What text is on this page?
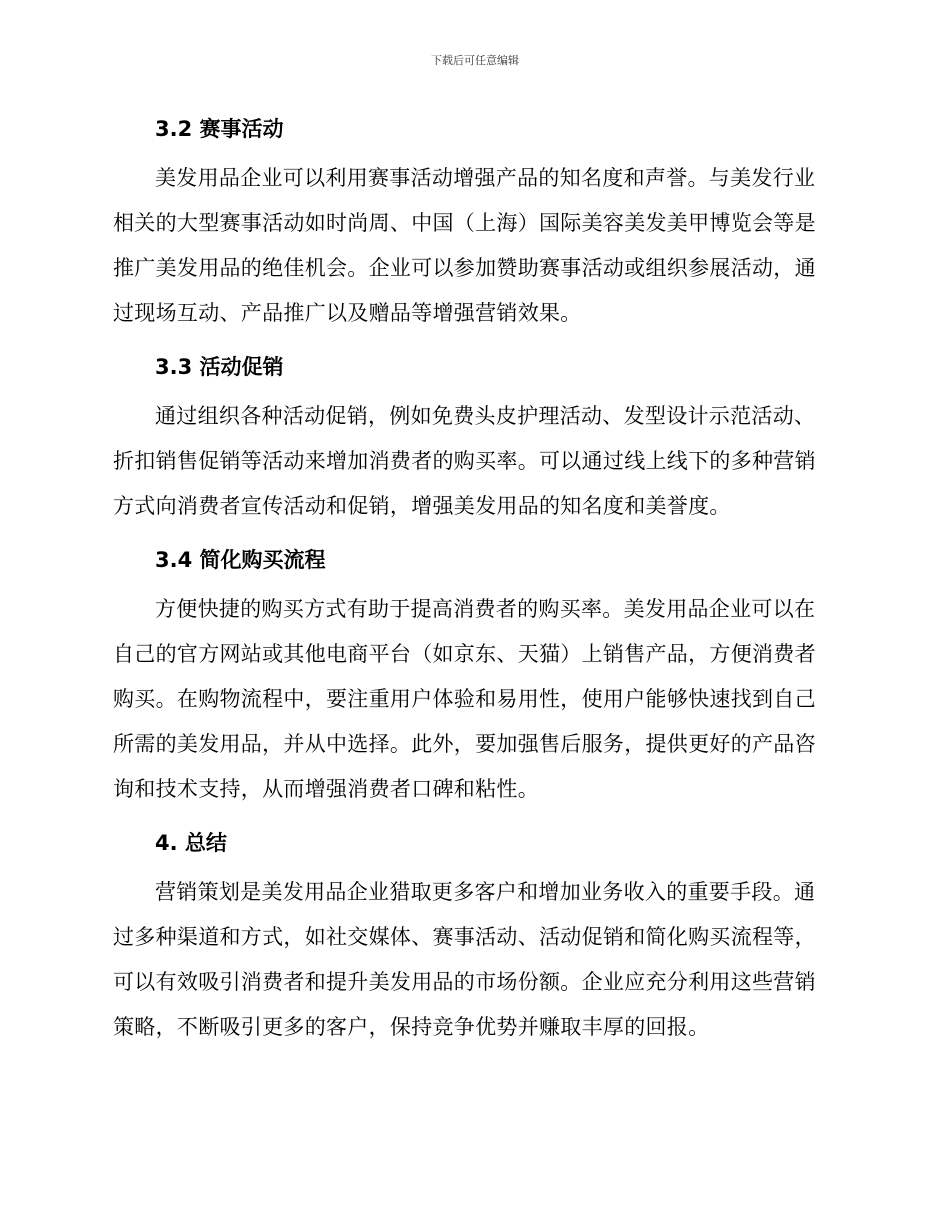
下载后可任意编辑
3.2 赛事活动

美发用品企业可以利用赛事活动增强产品的知名度和声誉。与美发行业
相关的大型赛事活动如时尚周、中国（上海）国际美容美发美甲博览会等是
推广美发用品的绝佳机会。企业可以参加赞助赛事活动或组织参展活动，通
过现场互动、产品推广以及赠品等增强营销效果。

3.3 活动促销

通过组织各种活动促销，例如免费头皮护理活动、发型设计示范活动、
折扣销售促销等活动来增加消费者的购买率。可以通过线上线下的多种营销
方式向消费者宣传活动和促销，增强美发用品的知名度和美誉度。

3.4 简化购买流程

方便快捷的购买方式有助于提高消费者的购买率。美发用品企业可以在
自己的官方网站或其他电商平台（如京东、天猫）上销售产品，方便消费者
购买。在购物流程中，要注重用户体验和易用性，使用户能够快速找到自己
所需的美发用品，并从中选择。此外，要加强售后服务，提供更好的产品咨
询和技术支持，从而增强消费者口碑和粘性。

4. 总结

营销策划是美发用品企业猎取更多客户和增加业务收入的重要手段。通
过多种渠道和方式，如社交媒体、赛事活动、活动促销和简化购买流程等，
可以有效吸引消费者和提升美发用品的市场份额。企业应充分利用这些营销
策略，不断吸引更多的客户，保持竞争优势并赚取丰厚的回报。
